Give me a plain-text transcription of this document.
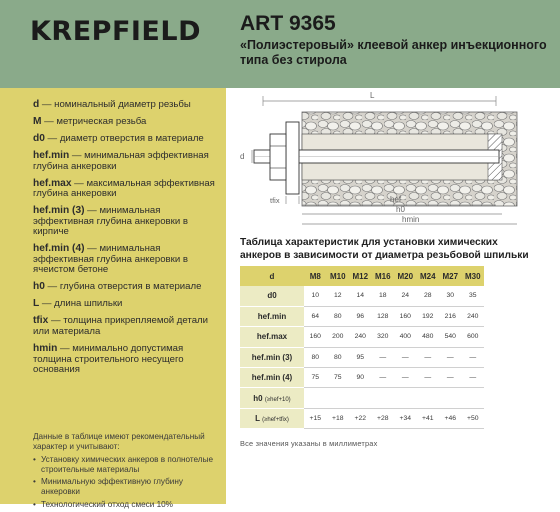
KREPFIELD ART 9365
«Полиэстеровый» клеевой анкер инъекционного типа без стирола
d — номинальный диаметр резьбы
M — метрическая резьба
d0 — диаметр отверстия в материале
hef.min — минимальная эффективная глубина анкеровки
hef.max — максимальная эффективная глубина анкеровки
hef.min (3) — минимальная эффективная глубина анкеровки в кирпиче
hef.min (4) — минимальная эффективная глубина анкеровки в ячеистом бетоне
h0 — глубина отверстия в материале
L — длина шпильки
tfix — толщина прикрепляемой детали или материала
hmin — минимально допустимая толщина строительного несущего основания
Данные в таблице имеют рекомендательный характер и учитывают:
• Установку химических анкеров в полнотелые строительные материалы
• Минимальную эффективную глубину анкеровки
• Технологический отход смеси 10%
L
d
tfix	hef
h0
hmin
Таблица характеристик для установки химических анкеров в зависимости от диаметра резьбовой шпильки
d	M8	M10	M12	M16	M20	M24	M27	M30
d0	10	12	14	18	24	28	30	35
hef.min	64	80	96	128	160	192	216	240
hef.max	160	200	240	320	400	480	540	600
hef.min (3)	80	80	95	—	—	—	—	—
hef.min (4)	75	75	90	—	—	—	—	—
h0 (≥hef+10)								
L (≥hef+tfix)	+15	+18	+22	+28	+34	+41	+46	+50
Все значения указаны в миллиметрах
